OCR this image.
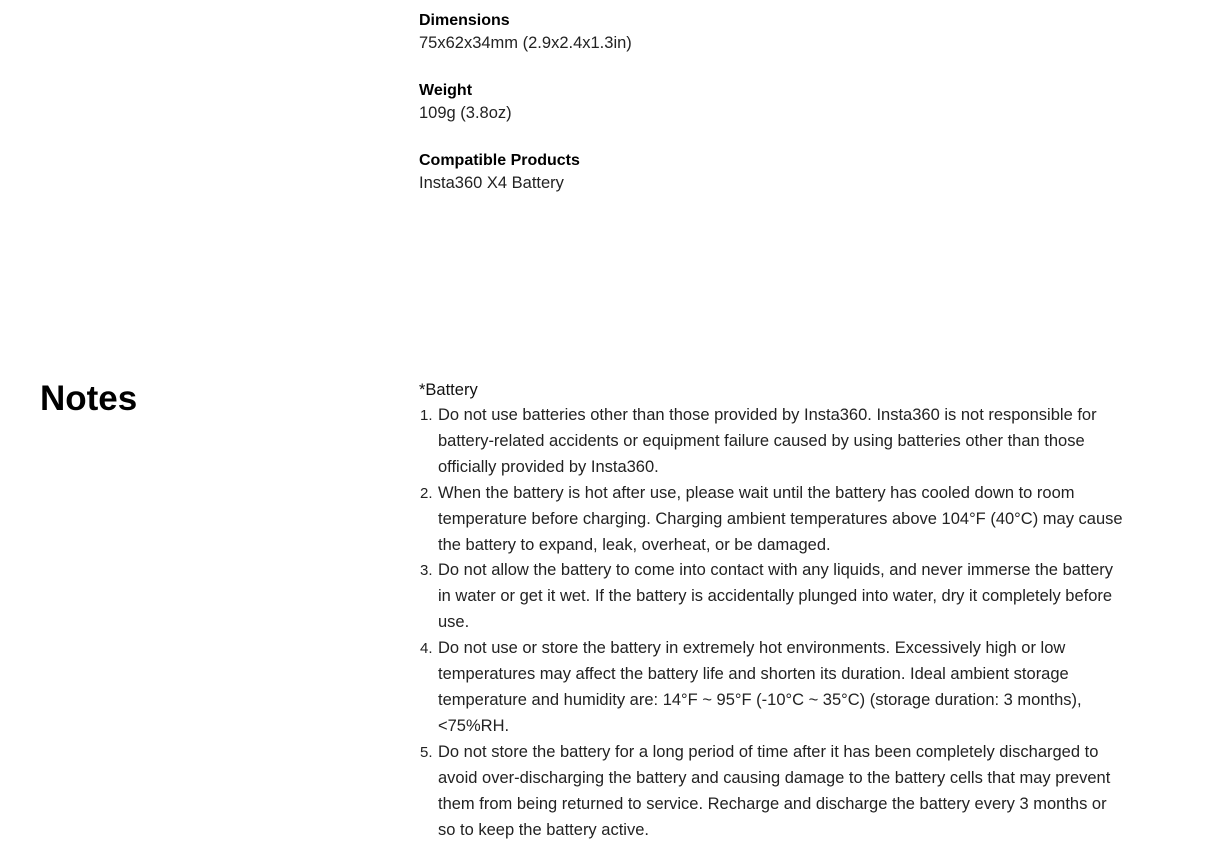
Dimensions
75x62x34mm (2.9x2.4x1.3in)
Weight
109g (3.8oz)
Compatible Products
Insta360 X4 Battery
Notes	*Battery
1. Do not use batteries other than those provided by Insta360. Insta360 is not responsible for battery-related accidents or equipment failure caused by using batteries other than those officially provided by Insta360.
2. When the battery is hot after use, please wait until the battery has cooled down to room temperature before charging. Charging ambient temperatures above 104°F (40°C) may cause the battery to expand, leak, overheat, or be damaged.
3. Do not allow the battery to come into contact with any liquids, and never immerse the battery in water or get it wet. If the battery is accidentally plunged into water, dry it completely before use.
4. Do not use or store the battery in extremely hot environments. Excessively high or low temperatures may affect the battery life and shorten its duration. Ideal ambient storage temperature and humidity are: 14°F ~ 95°F (-10°C ~ 35°C) (storage duration: 3 months), <75%RH.
5. Do not store the battery for a long period of time after it has been completely discharged to avoid over-discharging the battery and causing damage to the battery cells that may prevent them from being returned to service. Recharge and discharge the battery every 3 months or so to keep the battery active.
